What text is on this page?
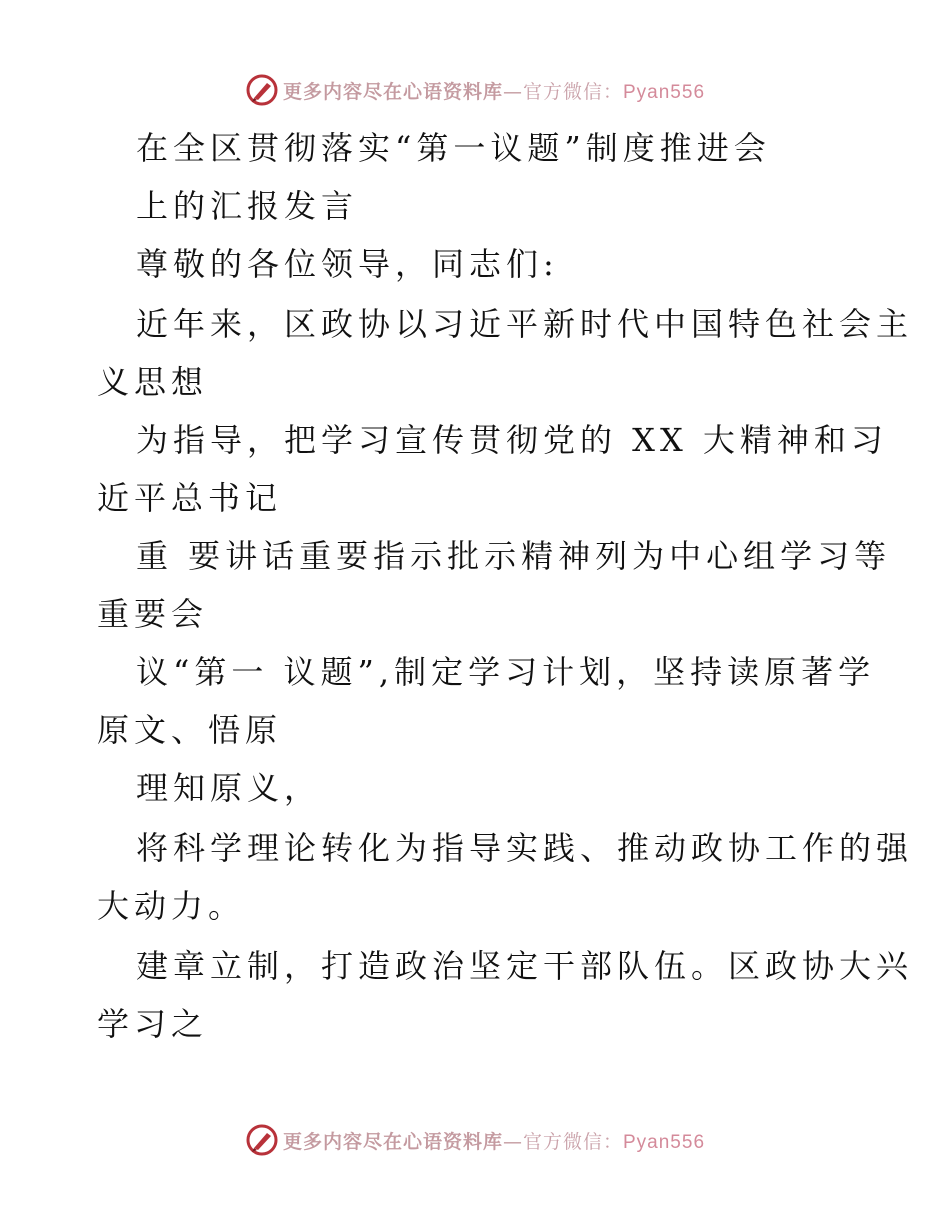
更多内容尽在心语资料库—官方微信：Pyan556
在全区贯彻落实“第一议题”制度推进会
上的汇报发言
尊敬的各位领导，同志们:
近年来，区政协以习近平新时代中国特色社会主
义思想
为指导，把学习宣传贯彻党的 XX 大精神和习
近平总书记
重 要讲话重要指示批示精神列为中心组学习等
重要会
议“第一 议题”,制定学习计划，坚持读原著学
原文、悟原
理知原义，
将科学理论转化为指导实践、推动政协工作的强
大动力。
建章立制，打造政治坚定干部队伍。区政协大兴
学习之
更多内容尽在心语资料库—官方微信：Pyan556
